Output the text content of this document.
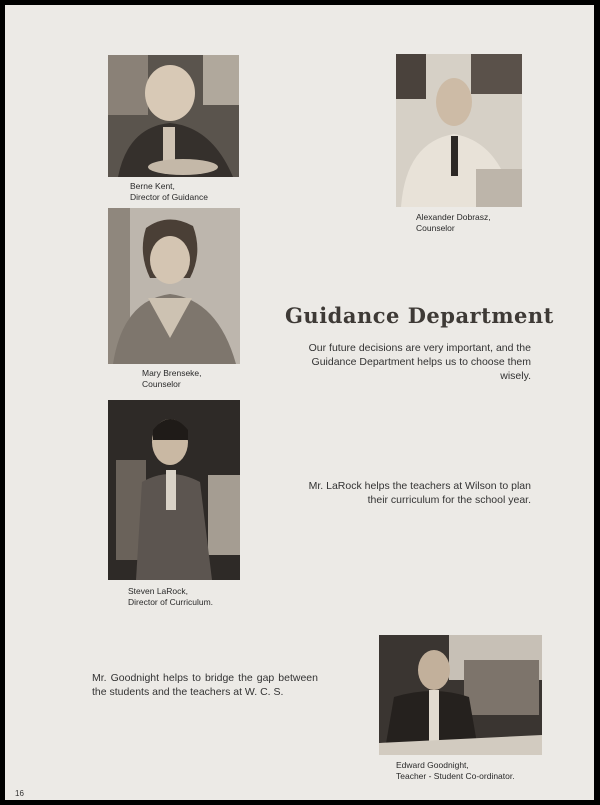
Berne Kent,
Director of Guidance
Alexander Dobrasz,
Counselor
Mary Brenseke,
Counselor
Guidance Department
Our future decisions are very important, and the Guidance Department helps us to choose them wisely.
Steven LaRock,
Director of Curriculum.
Mr. LaRock helps the teachers at Wilson to plan their curriculum for the school year.
Mr. Goodnight helps to bridge the gap between the students and the teachers at W. C. S.
Edward Goodnight,
Teacher - Student Co-ordinator.
16
